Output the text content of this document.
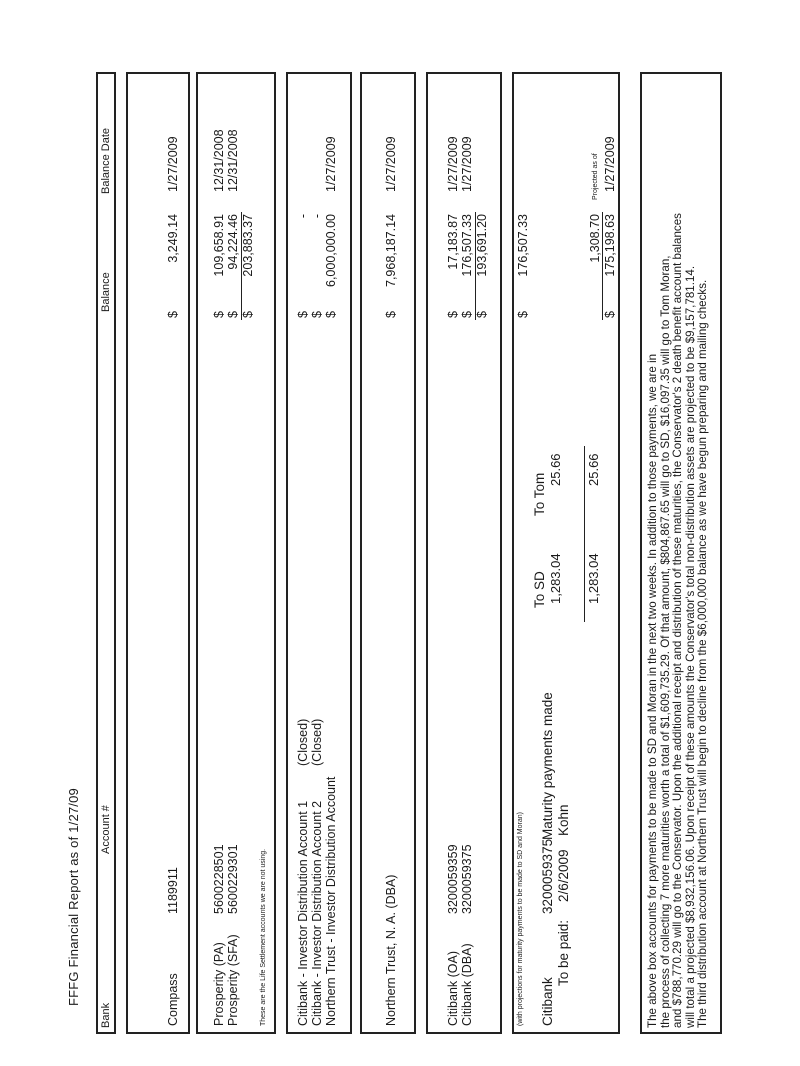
FFFG Financial Report as of 1/27/09
Bank
Account #
Balance
Balance Date
Compass
1189911
$
3,249.14
1/27/2009
Prosperity (PA)
5600228501
$
109,658.91
12/31/2008
Prosperity (SFA)
5600229301
$
94,224.46
12/31/2008
$
203,883.37
These are the Life Settlement accounts we are not using. Citibank - Investor Distribution Account 1
(Closed)
$
-
Citibank - Investor Distribution Account 2
(Closed)
$
-
Northern Trust - Investor Distribution Account
$
6,000,000.00
1/27/2009
Northern Trust, N. A. (DBA)
$
7,968,187.14
1/27/2009
Citibank (OA)
3200059359
$
17,183.87
1/27/2009
Citibank (DBA)
3200059375
$
176,507.33
1/27/2009
$
193,691.20
(with projections for maturity payments to be made to SD and Moran)
$
176,507.33
Citibank
3200059375
Maturity payments made
To SD
To Tom
To be paid:
2/6/2009
Kohn
1,283.04
25.66
1,283.04
25.66
1,308.70
Projected as of
$
175,198.63
1/27/2009
The above box accounts for payments to be made to SD and Moran in the next two weeks. In addition to those payments, we are in the process of collecting 7 more maturities worth a total of $1,609,735.29. Of that amount, $804,867.65 will go to SD, $16,097.35 will go to Tom Moran, and $788,770.29 will go to the Conservator. Upon the additional receipt and distribution of these maturities, the Conservator's 2 death benefit account balances will total a projected $8,932,156.06. Upon receipt of these amounts the Conservator's total non-distribution assets are projected to be $9,157,781.14. The third distribution account at Northern Trust will begin to decline from the $6,000,000 balance as we have begun preparing and mailing checks.
